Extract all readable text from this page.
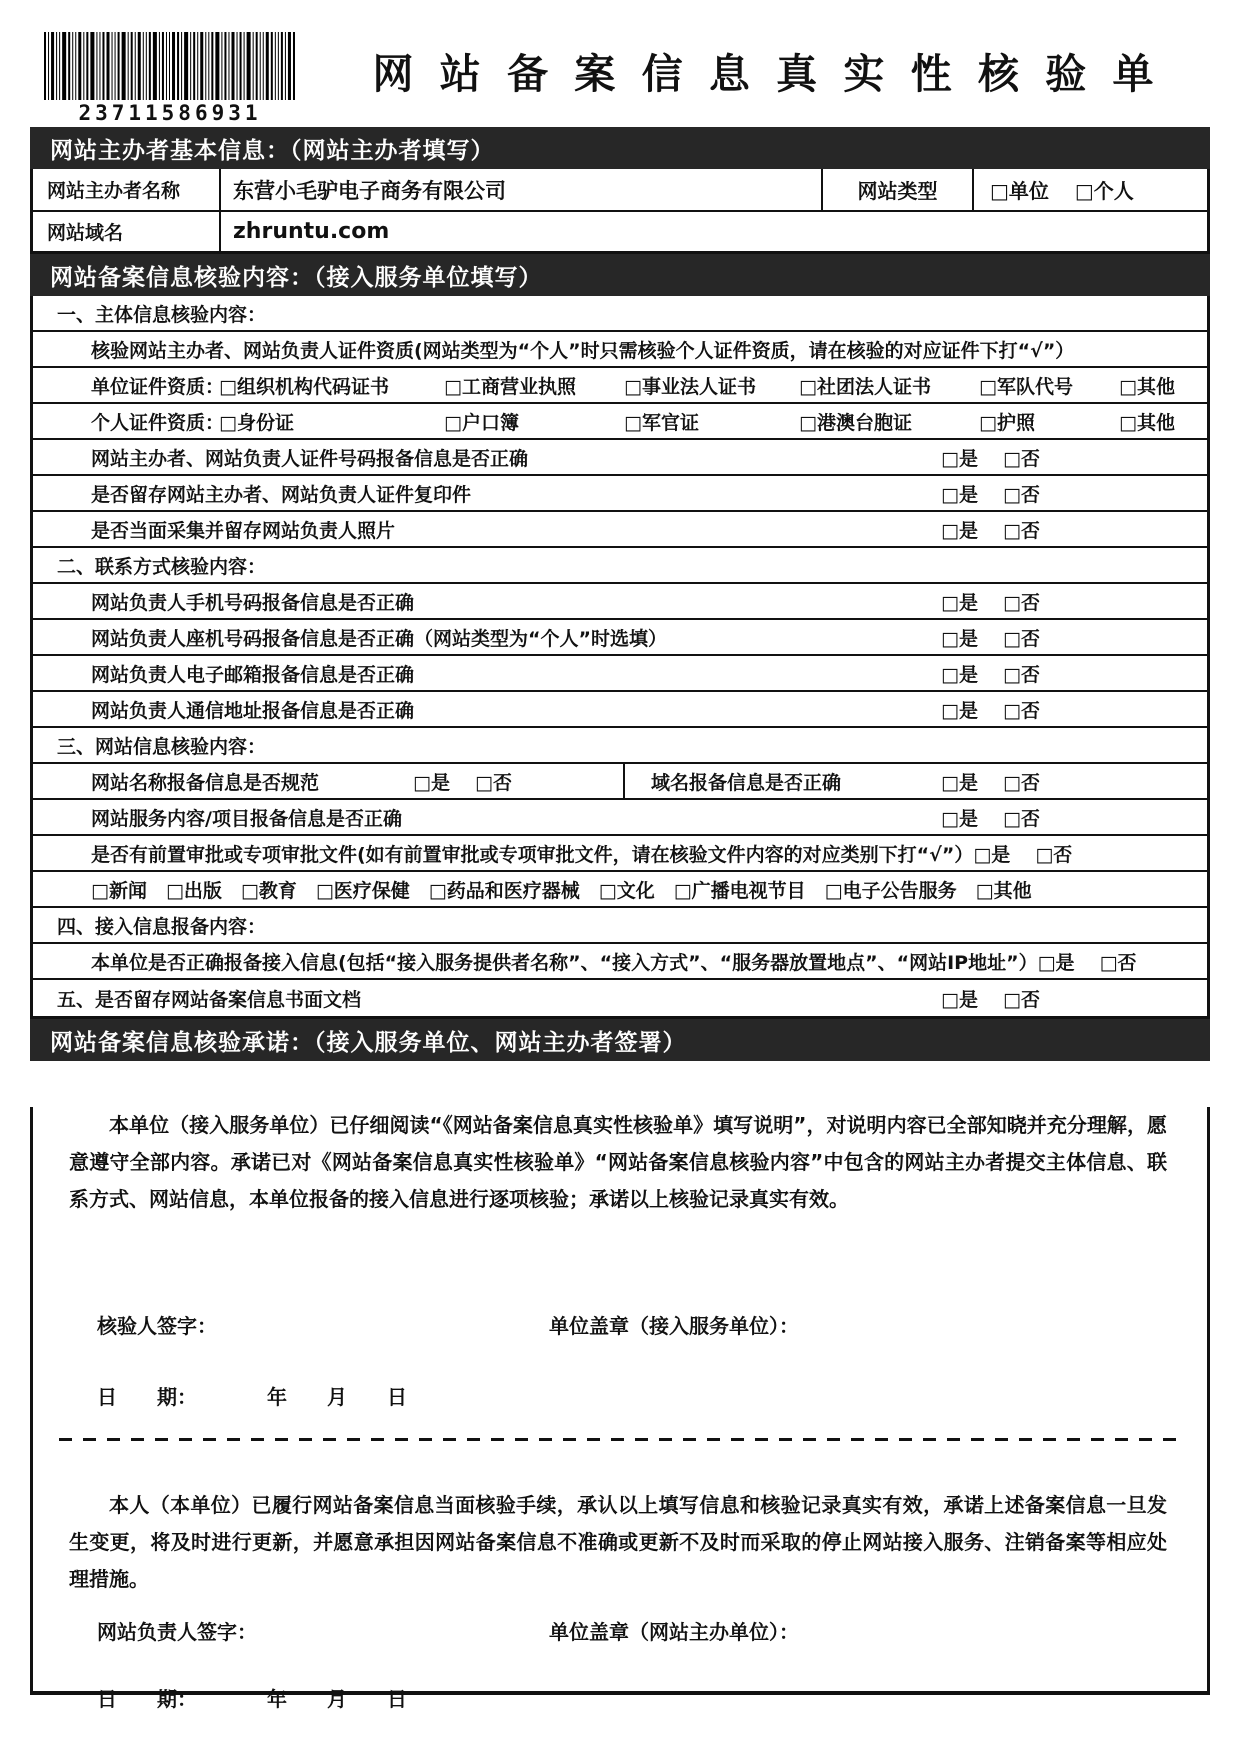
23711586931
网 站 备 案 信 息 真 实 性 核 验 单
网站主办者基本信息：（网站主办者填写）
网站主办者名称	东营小毛驴电子商务有限公司	网站类型	□单位 □个人
网站域名	zhruntu.com
网站备案信息核验内容：（接入服务单位填写）
一、主体信息核验内容：
核验网站主办者、网站负责人证件资质(网站类型为“个人”时只需核验个人证件资质，请在核验的对应证件下打“√”）
单位证件资质：
□组织机构代码证书	□工商营业执照	□事业法人证书	□社团法人证书	□军队代号	□其他
个人证件资质：
□身份证	□户口簿	□军官证	□港澳台胞证	□护照	□其他
网站主办者、网站负责人证件号码报备信息是否正确	□是	□否
是否留存网站主办者、网站负责人证件复印件	□是	□否
是否当面采集并留存网站负责人照片	□是	□否
二、联系方式核验内容：
网站负责人手机号码报备信息是否正确	□是	□否
网站负责人座机号码报备信息是否正确（网站类型为“个人”时选填）	□是	□否
网站负责人电子邮箱报备信息是否正确	□是	□否
网站负责人通信地址报备信息是否正确	□是	□否
三、网站信息核验内容：
网站名称报备信息是否规范	□是	□否	域名报备信息是否正确	□是	□否
网站服务内容/项目报备信息是否正确	□是	□否
是否有前置审批或专项审批文件(如有前置审批或专项审批文件，请在核验文件内容的对应类别下打“√”） □是	□否
□新闻　□出版　□教育　□医疗保健　□药品和医疗器械　□文化　□广播电视节目　□电子公告服务　□其他
四、接入信息报备内容：
本单位是否正确报备接入信息(包括“接入服务提供者名称”、“接入方式”、“服务器放置地点”、“网站IP地址”） □是	□否
五、是否留存网站备案信息书面文档	□是	□否
网站备案信息核验承诺：（接入服务单位、网站主办者签署）
本单位（接入服务单位）已仔细阅读“《网站备案信息真实性核验单》填写说明”，对说明内容已全部知晓并充分理解，愿意遵守全部内容。承诺已对《网站备案信息真实性核验单》“网站备案信息核验内容”中包含的网站主办者提交主体信息、联系方式、网站信息，本单位报备的接入信息进行逐项核验；承诺以上核验记录真实有效。
核验人签字：	单位盖章（接入服务单位）：
日　　期：　　　　年　　月　　日
本人（本单位）已履行网站备案信息当面核验手续，承认以上填写信息和核验记录真实有效，承诺上述备案信息一旦发生变更，将及时进行更新，并愿意承担因网站备案信息不准确或更新不及时而采取的停止网站接入服务、注销备案等相应处理措施。
网站负责人签字：	单位盖章（网站主办单位）：
日　　期：　　　　年　　月　　日
